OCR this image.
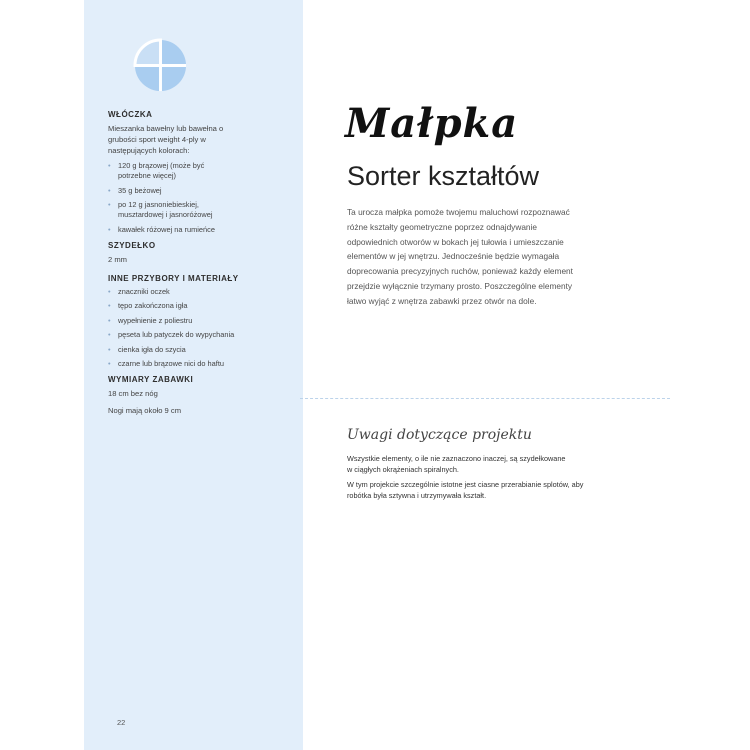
WŁÓCZKA
Mieszanka bawełny lub bawełna o grubości sport weight 4-ply w następujących kolorach:
• 120 g brązowej (może być potrzebne więcej)
• 35 g beżowej
• po 12 g jasnoniebieskiej, musztardowej i jasnoróżowej
• kawałek różowej na rumieńce
SZYDEŁKO
2 mm
INNE PRZYBORY I MATERIAŁY
• znaczniki oczek
• tępo zakończona igła
• wypełnienie z poliestru
• pęseta lub patyczek do wypychania
• cienka igła do szycia
• czarne lub brązowe nici do haftu
WYMIARY ZABAWKI
18 cm bez nóg
Nogi mają około 9 cm
22
Małpka
Sorter kształtów

Ta urocza małpka pomoże twojemu maluchowi rozpoznawać różne kształty geometryczne poprzez odnajdywanie odpowiednich otworów w bokach jej tułowia i umieszczanie elementów w jej wnętrzu. Jednocześnie będzie wymagała doprecowania precyzyjnych ruchów, ponieważ każdy element przejdzie wyłącznie trzymany prosto. Poszczególne elementy łatwo wyjąć z wnętrza zabawki przez otwór na dole.

Uwagi dotyczące projektu

Wszystkie elementy, o ile nie zaznaczono inaczej, są szydełkowane w ciągłych okrążeniach spiralnych.

W tym projekcie szczególnie istotne jest ciasne przerabianie splotów, aby robótka była sztywna i utrzymywała kształt.
